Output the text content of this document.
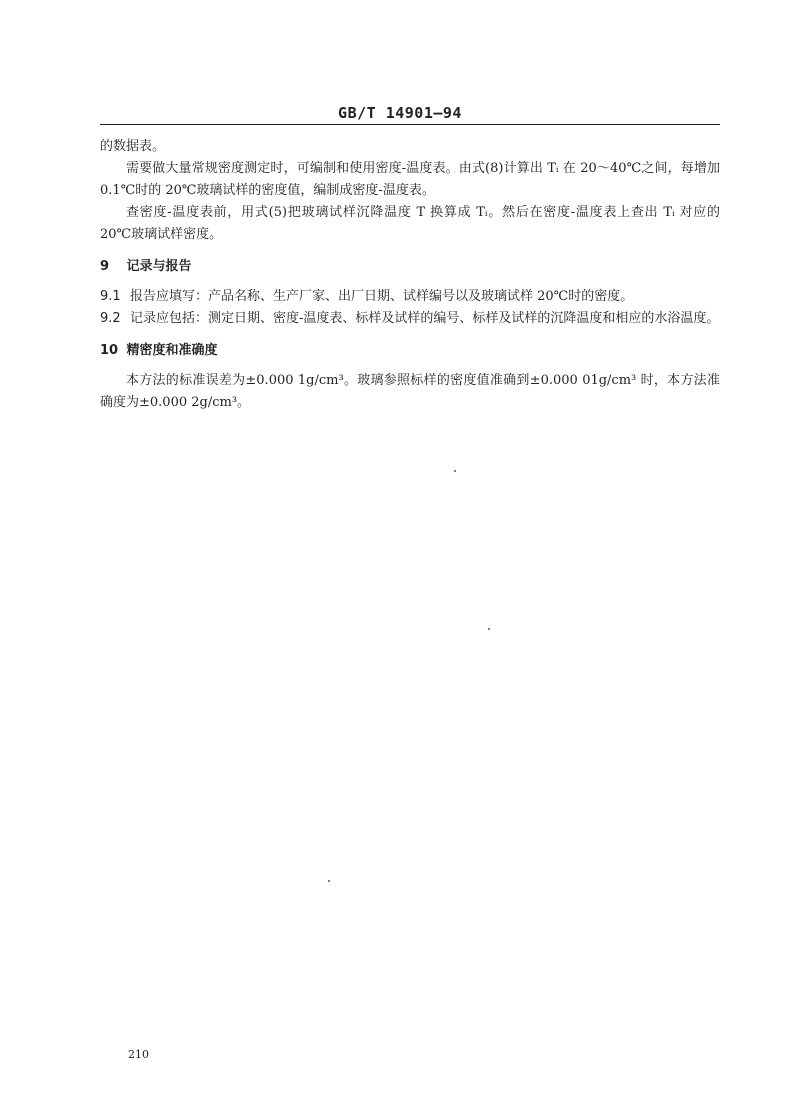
GB/T 14901—94

的数据表。

需要做大量常规密度测定时，可编制和使用密度-温度表。由式(8)计算出 Tᵢ 在 20～40℃之间，每增加 0.1℃时的 20℃玻璃试样的密度值，编制成密度-温度表。

查密度-温度表前，用式(5)把玻璃试样沉降温度 T 换算成 Tᵢ。然后在密度-温度表上查出 Tᵢ 对应的 20℃玻璃试样密度。

9 记录与报告

9.1 报告应填写：产品名称、生产厂家、出厂日期、试样编号以及玻璃试样 20℃时的密度。

9.2 记录应包括：测定日期、密度-温度表、标样及试样的编号、标样及试样的沉降温度和相应的水浴温度。

10 精密度和准确度

本方法的标准误差为±0.000 1g/cm³。玻璃参照标样的密度值准确到±0.000 01g/cm³ 时，本方法准确度为±0.000 2g/cm³。

210
